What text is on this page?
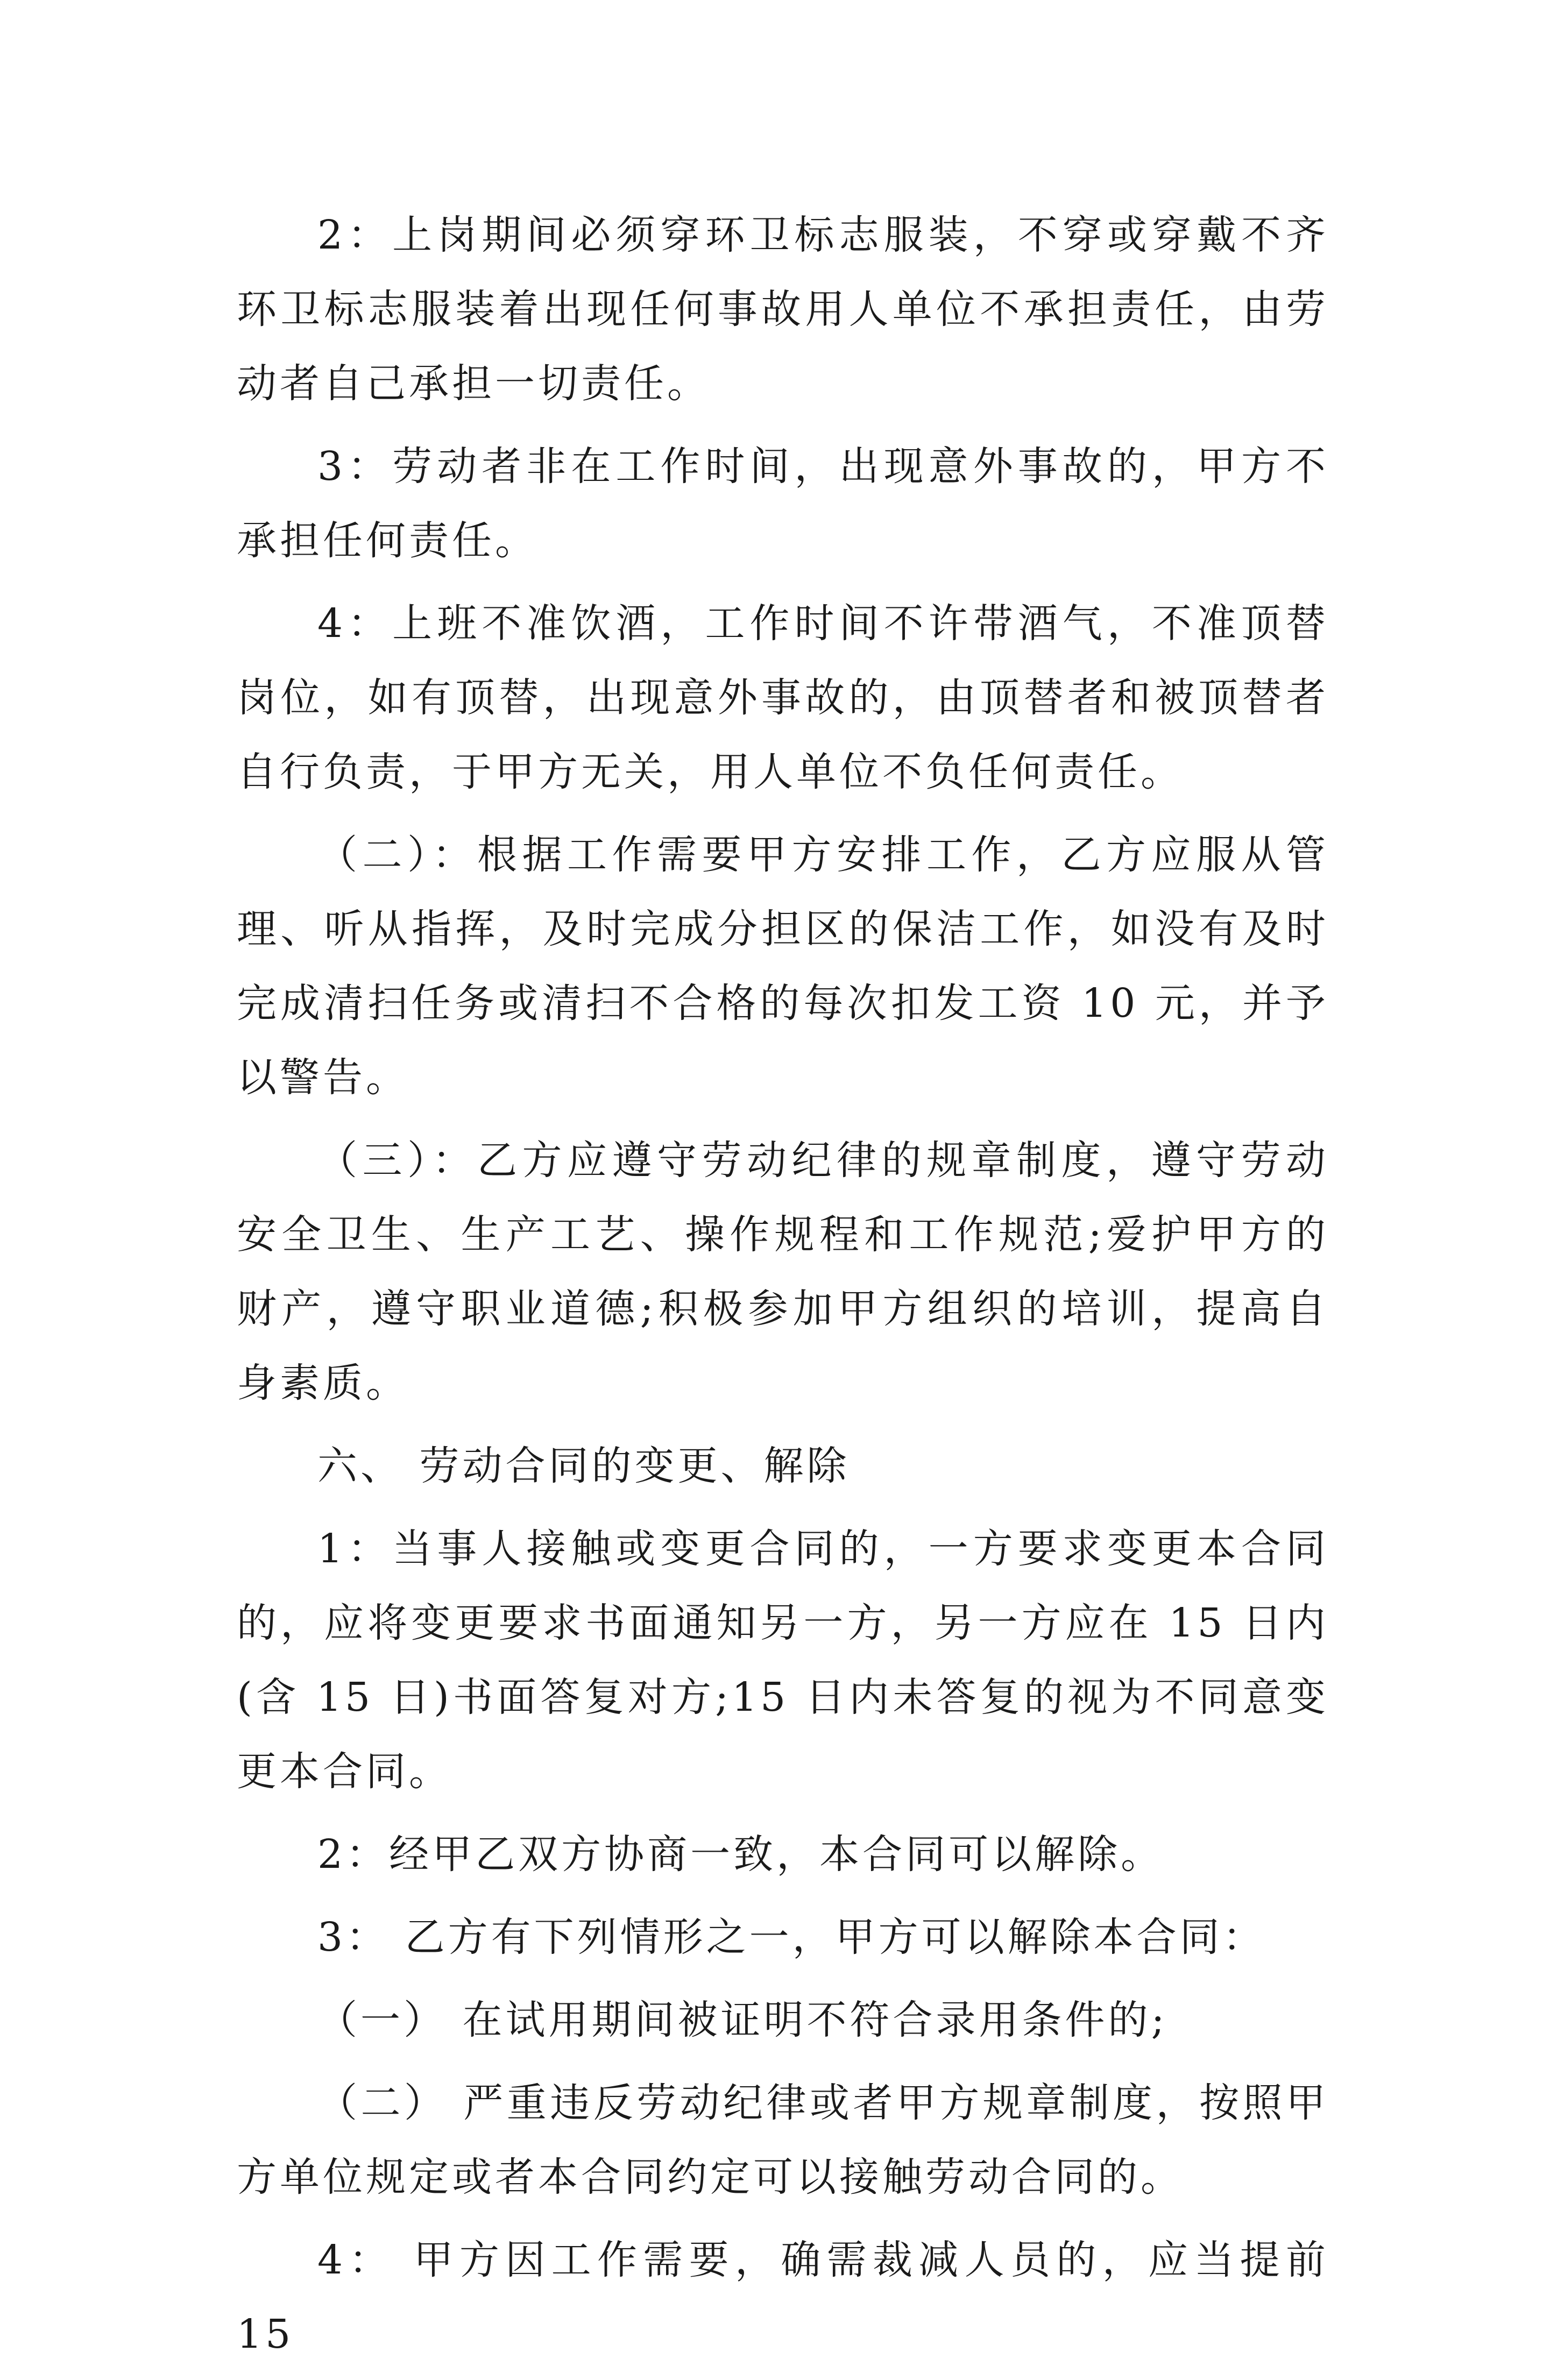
2：上岗期间必须穿环卫标志服装，不穿或穿戴不齐环卫标志服装着出现任何事故用人单位不承担责任，由劳动者自己承担一切责任。

3：劳动者非在工作时间，出现意外事故的，甲方不承担任何责任。

4：上班不准饮酒，工作时间不许带酒气，不准顶替岗位，如有顶替，出现意外事故的，由顶替者和被顶替者自行负责，于甲方无关，用人单位不负任何责任。

（二）：根据工作需要甲方安排工作，乙方应服从管理、听从指挥，及时完成分担区的保洁工作，如没有及时完成清扫任务或清扫不合格的每次扣发工资 10 元，并予以警告。

（三）：乙方应遵守劳动纪律的规章制度，遵守劳动安全卫生、生产工艺、操作规程和工作规范;爱护甲方的财产，遵守职业道德;积极参加甲方组织的培训，提高自身素质。

六、 劳动合同的变更、解除

1：当事人接触或变更合同的，一方要求变更本合同的，应将变更要求书面通知另一方，另一方应在 15 日内(含 15 日)书面答复对方;15 日内未答复的视为不同意变更本合同。

2：经甲乙双方协商一致，本合同可以解除。

3： 乙方有下列情形之一，甲方可以解除本合同：

（一） 在试用期间被证明不符合录用条件的;

（二） 严重违反劳动纪律或者甲方规章制度，按照甲方单位规定或者本合同约定可以接触劳动合同的。

4： 甲方因工作需要，确需裁减人员的，应当提前 15
